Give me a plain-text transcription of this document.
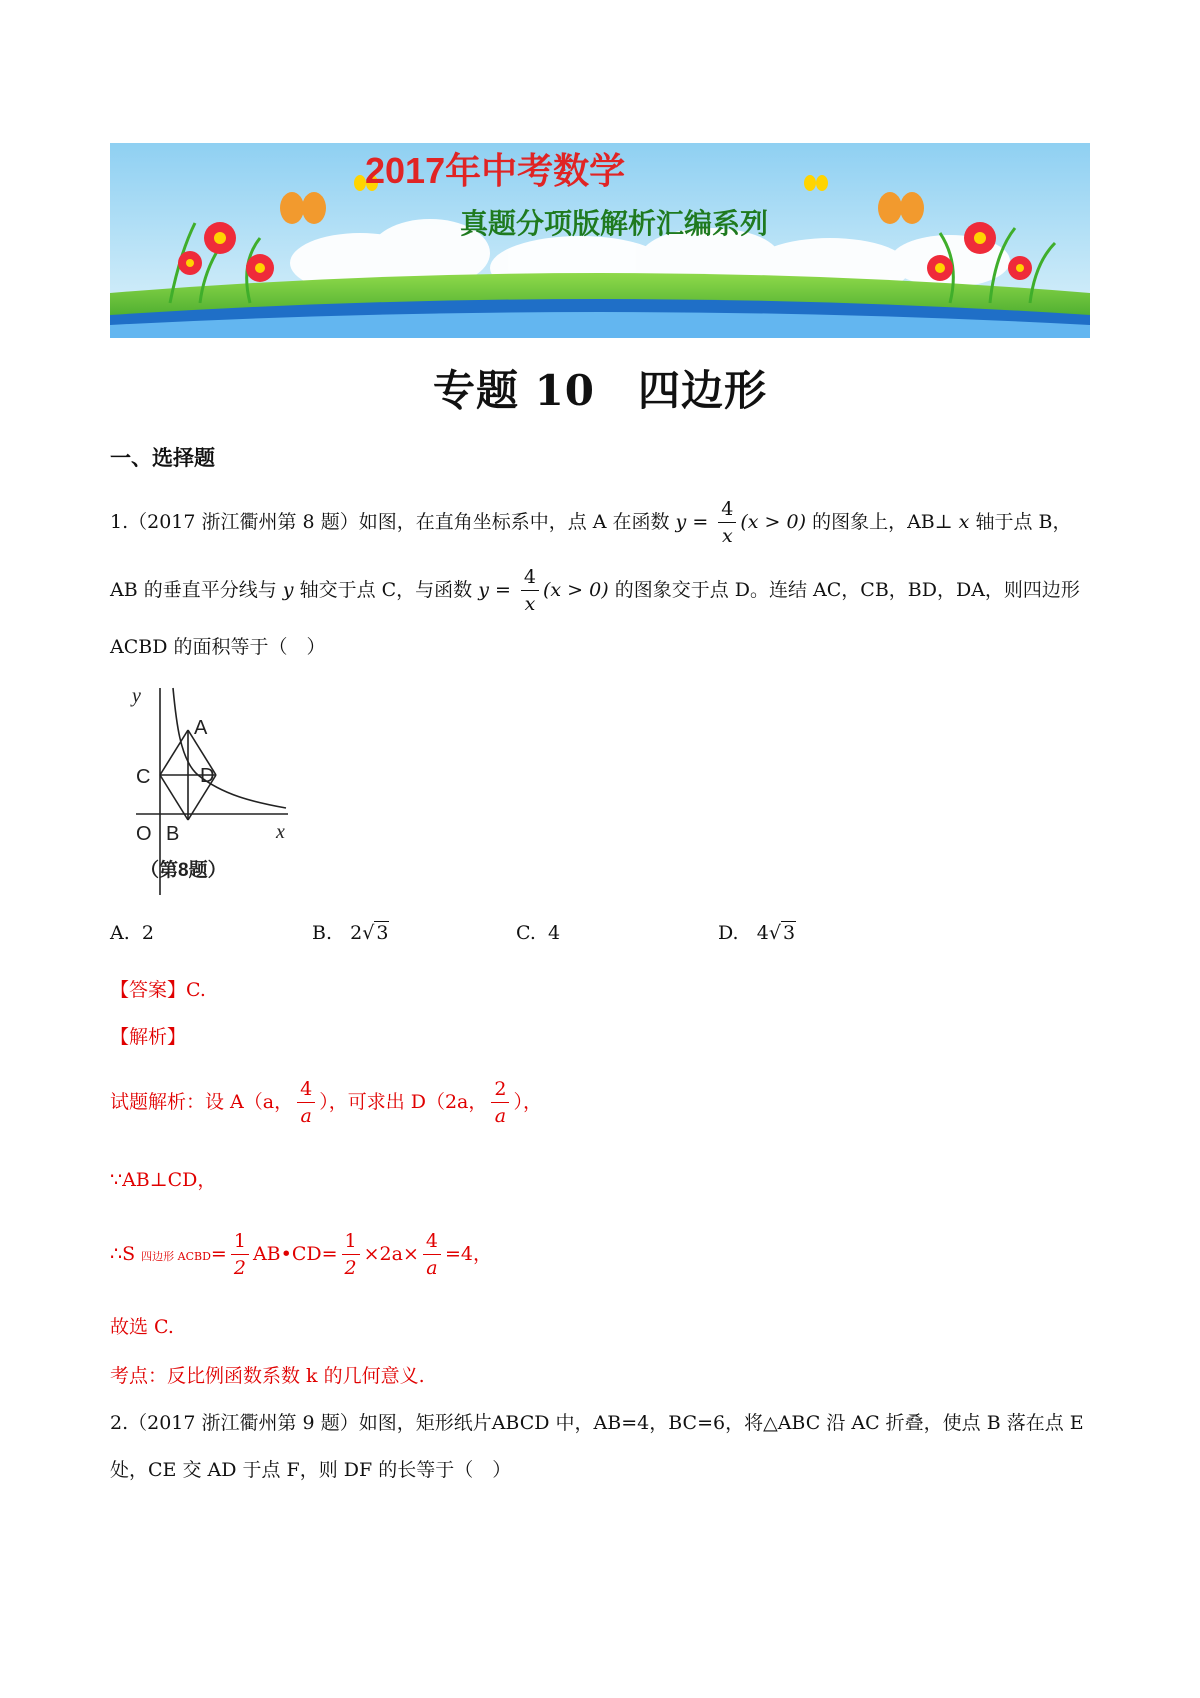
2017年中考数学
真题分项版解析汇编系列
专题 10　四边形
一、选择题
1.（2017 浙江衢州第 8 题）如图，在直角坐标系中，点 A 在函数 $y = \frac{4}{x} (x > 0)$ 的图象上，AB⊥ x 轴于点 B，
AB 的垂直平分线与 y 轴交于点 C，与函数 $y = \frac{4}{x} (x > 0)$ 的图象交于点 D。连结 AC，CB，BD，DA，则四边形
ACBD 的面积等于（　）
y
x
A
D
C
O B
（第8题）
A. 2	B. 2√ 3	C. 4	D. 4√ 3
【答案】C.
【解析】
试题解析：设 A（a， $\frac{4}{a}$ ），可求出 D（2a， $\frac{2}{a}$ ），
∵AB⊥CD，
∴S 四边形 ACBD= $\frac{1}{2}$ AB•CD= $\frac{1}{2} \times 2a\times \frac{4}{a} =4$，
故选 C.
考点：反比例函数系数 k 的几何意义.
2.（2017 浙江衢州第 9 题）如图，矩形纸片ABCD 中，AB=4，BC=6，将△ABC 沿 AC 折叠，使点 B 落在点 E
处，CE 交 AD 于点 F，则 DF 的长等于（　）
